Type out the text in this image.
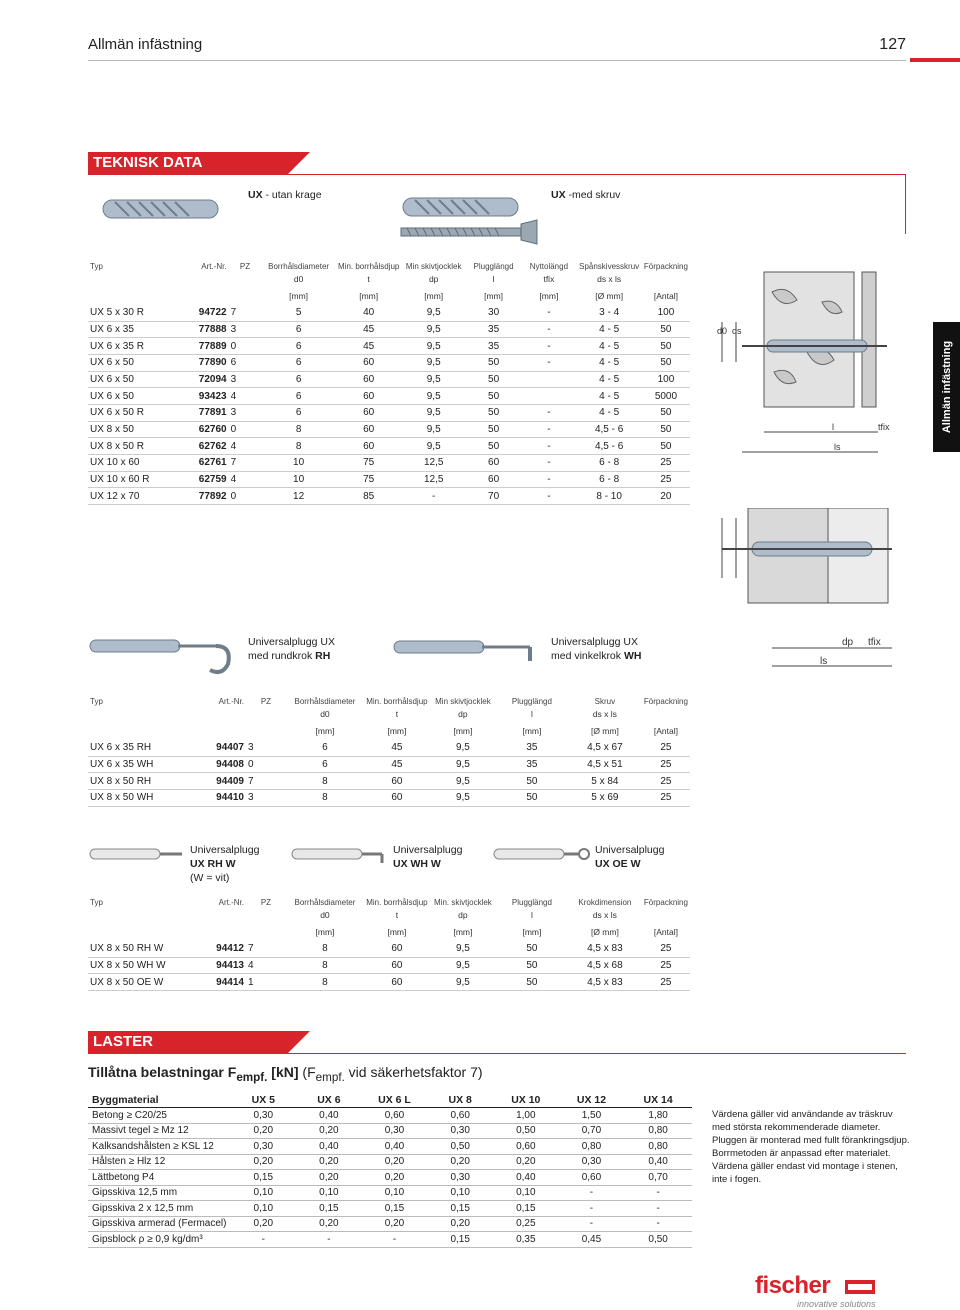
Allmän infästning	127
Allmän infästning
TEKNISK DATA
UX - utan krage	UX -med skruv
Typ	Art.-Nr.	PZ	Borrhålsdiameter	Min. borrhålsdjup	Min skivtjocklek	Plugglängd	Nyttolängd	Spånskivesskruv	Förpackning
			d0	t	dp	l	tfix	ds x ls	
			[mm]	[mm]	[mm]	[mm]	[mm]	[Ø mm]	[Antal]
UX 5 x 30 R	94722	7	5	40	9,5	30	-	3 - 4	100
UX 6 x 35	77888	3	6	45	9,5	35	-	4 - 5	50
UX 6 x 35 R	77889	0	6	45	9,5	35	-	4 - 5	50
UX 6 x 50	77890	6	6	60	9,5	50	-	4 - 5	50
UX 6 x 50	72094	3	6	60	9,5	50		4 - 5	100
UX 6 x 50	93423	4	6	60	9,5	50		4 - 5	5000
UX 6 x 50 R	77891	3	6	60	9,5	50	-	4 - 5	50
UX 8 x 50	62760	0	8	60	9,5	50	-	4,5 - 6	50
UX 8 x 50 R	62762	4	8	60	9,5	50	-	4,5 - 6	50
UX 10 x 60	62761	7	10	75	12,5	60	-	6 - 8	25
UX 10 x 60 R	62759	4	10	75	12,5	60	-	6 - 8	25
UX 12 x 70	77892	0	12	85	-	70	-	8 - 10	20
d0 ds
l	tfix
ls
dp tfix
ls
Universalplugg UX
med rundkrok RH
Universalplugg UX
med vinkelkrok WH
Typ	Art.-Nr.	PZ	Borrhålsdiameter	Min. borrhålsdjup	Min skivtjocklek	Plugglängd	Skruv	Förpackning
			d0	t	dp	l	ds x ls	
			[mm]	[mm]	[mm]	[mm]	[Ø mm]	[Antal]
UX 6 x 35 RH	94407	3	6	45	9,5	35	4,5 x 67	25
UX 6 x 35 WH	94408	0	6	45	9,5	35	4,5 x 51	25
UX 8 x 50 RH	94409	7	8	60	9,5	50	5 x 84	25
UX 8 x 50 WH	94410	3	8	60	9,5	50	5 x 69	25
Universalplugg
UX RH W
(W = vit)
Universalplugg
UX WH W
Universalplugg
UX OE W
Typ	Art.-Nr.	PZ	Borrhålsdiameter	Min. borrhålsdjup	Min. skivtjocklek	Plugglängd	Krokdimension	Förpackning
			d0	t	dp	l	ds x ls	
			[mm]	[mm]	[mm]	[mm]	[Ø mm]	[Antal]
UX 8 x 50 RH W	94412	7	8	60	9,5	50	4,5 x 83	25
UX 8 x 50 WH W	94413	4	8	60	9,5	50	4,5 x 68	25
UX 8 x 50 OE W	94414	1	8	60	9,5	50	4,5 x 83	25
LASTER
Tillåtna belastningar $F_{empf.}$ [kN] ($F_{empf.}$ vid säkerhetsfaktor 7)
Byggmaterial	UX 5	UX 6	UX 6 L	UX 8	UX 10	UX 12	UX 14
Betong ≥ C20/25	0,30	0,40	0,60	0,60	1,00	1,50	1,80
Massivt tegel ≥ Mz 12	0,20	0,20	0,30	0,30	0,50	0,70	0,80
Kalksandshålsten ≥ KSL 12	0,30	0,40	0,40	0,50	0,60	0,80	0,80
Hålsten ≥ Hlz 12	0,20	0,20	0,20	0,20	0,20	0,30	0,40
Lättbetong P4	0,15	0,20	0,20	0,30	0,40	0,60	0,70
Gipsskiva 12,5 mm	0,10	0,10	0,10	0,10	0,10	-	-
Gipsskiva 2 x 12,5 mm	0,10	0,15	0,15	0,15	0,15	-	-
Gipsskiva armerad (Fermacel)	0,20	0,20	0,20	0,20	0,25	-	-
Gipsblock ρ ≥ 0,9 kg/dm³	-	-	-	0,15	0,35	0,45	0,50
Värdena gäller vid användande av träskruv med största rekommenderade diameter. Pluggen är monterad med fullt förankringsdjup. Borrmetoden är anpassad efter materialet. Värdena gäller endast vid montage i stenen, inte i fogen.
fischer
innovative solutions
